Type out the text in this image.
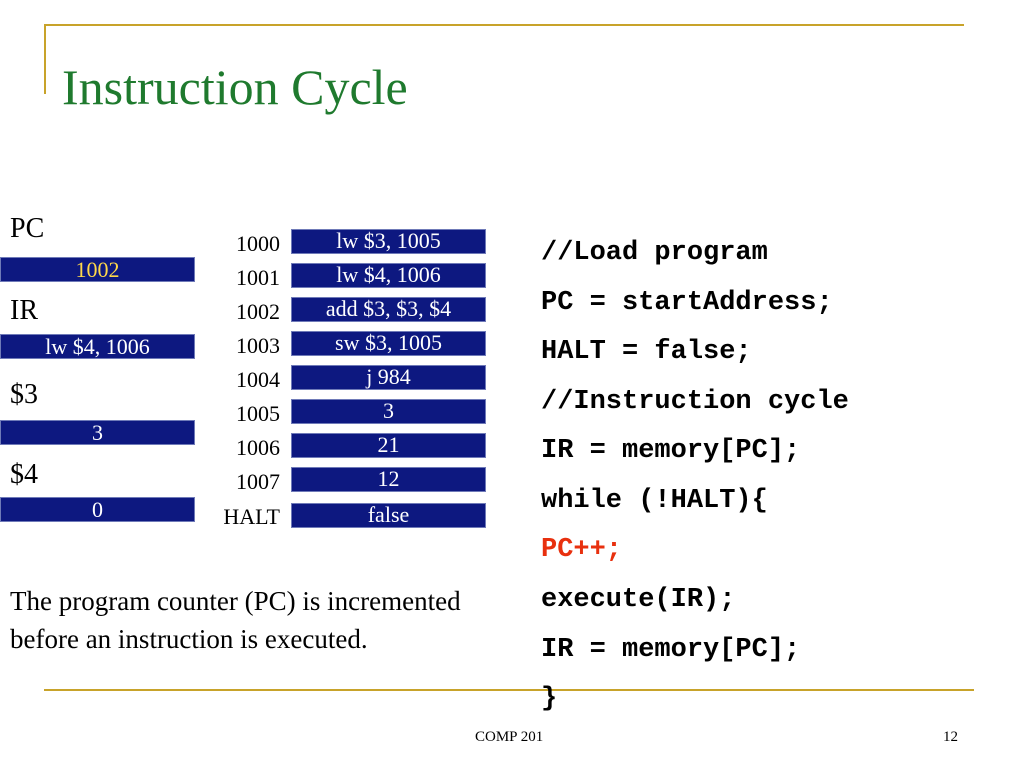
Instruction Cycle
PC
1002
IR
lw $4, 1006
$3
3
$4
0
1000	lw $3, 1005
1001	lw $4, 1006
1002	add $3, $3, $4
1003	sw $3, 1005
1004	j 984
1005	3
1006	21
1007	12
HALT	false
//Load program
PC = startAddress;
HALT = false;
//Instruction cycle
IR = memory[PC];
while (!HALT){
PC++;
execute(IR);
IR = memory[PC];
}
The program counter (PC) is incremented before an instruction is executed.
COMP 201	12
